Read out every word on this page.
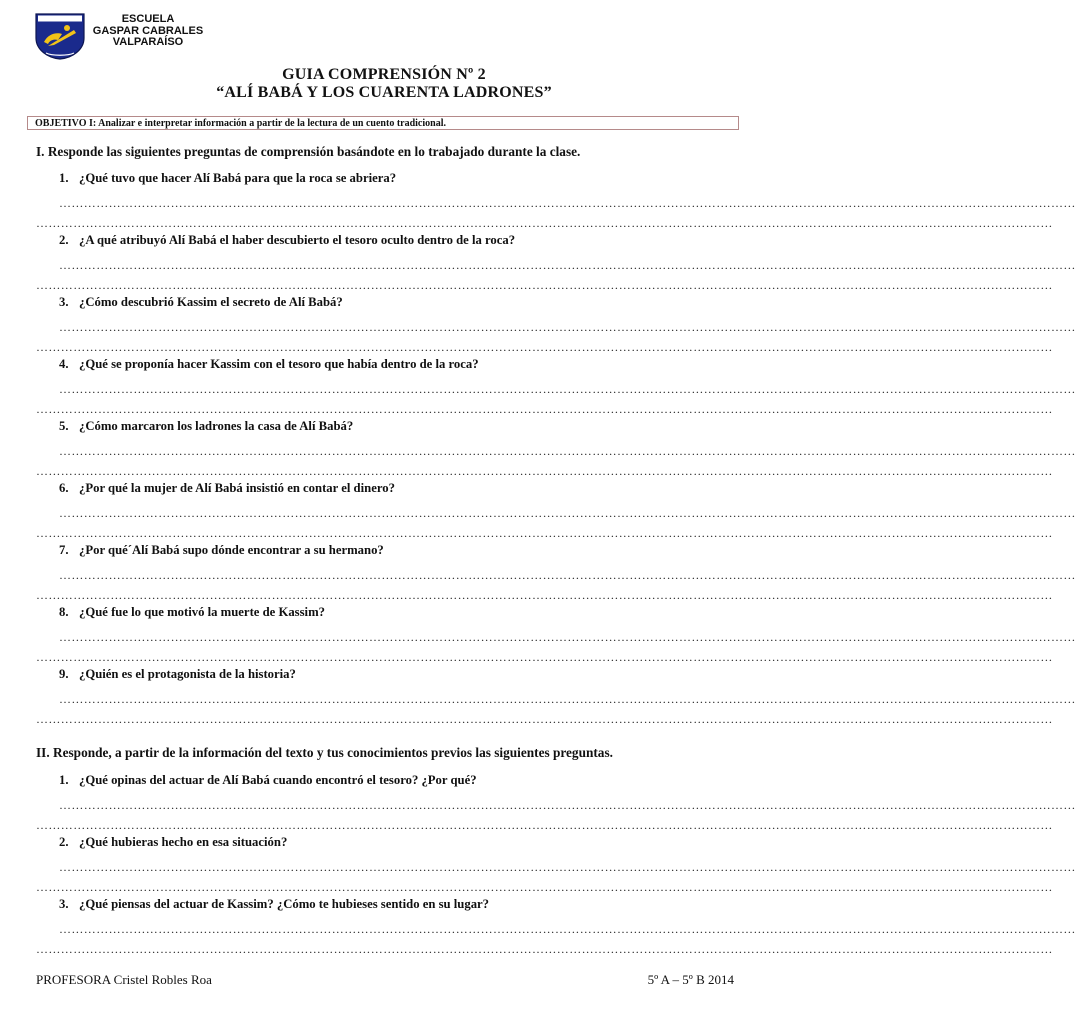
ESCUELA
GASPAR CABRALES
VALPARAÍSO
GUIA COMPRENSIÓN Nº 2
“ALÍ BABÁ Y LOS CUARENTA LADRONES”
OBJETIVO I: Analizar e interpretar información a partir de la lectura de un cuento tradicional.
I. Responde las siguientes preguntas de comprensión basándote en lo trabajado durante la clase.
1. ¿Qué tuvo que hacer Alí Babá para que la roca se abriera?
…………………………………………………………………………………………………………………………………………………………………………………………………………………………
…………………………………………………………………………………………………………………………………………………………………………………………………………………………
2. ¿A qué atribuyó Alí Babá el haber descubierto el tesoro oculto dentro de la roca?
…………………………………………………………………………………………………………………………………………………………………………………………………………………………
…………………………………………………………………………………………………………………………………………………………………………………………………………………………
3. ¿Cómo descubrió Kassim el secreto de Alí Babá?
…………………………………………………………………………………………………………………………………………………………………………………………………………………………
…………………………………………………………………………………………………………………………………………………………………………………………………………………………
4. ¿Qué se proponía hacer Kassim con el tesoro que había dentro de la roca?
…………………………………………………………………………………………………………………………………………………………………………………………………………………………
…………………………………………………………………………………………………………………………………………………………………………………………………………………………
5. ¿Cómo marcaron los ladrones la casa de Alí Babá?
…………………………………………………………………………………………………………………………………………………………………………………………………………………………
…………………………………………………………………………………………………………………………………………………………………………………………………………………………
6. ¿Por qué la mujer de Alí Babá insistió en contar el dinero?
…………………………………………………………………………………………………………………………………………………………………………………………………………………………
…………………………………………………………………………………………………………………………………………………………………………………………………………………………
7. ¿Por qué´Alí Babá supo dónde encontrar a su hermano?
…………………………………………………………………………………………………………………………………………………………………………………………………………………………
…………………………………………………………………………………………………………………………………………………………………………………………………………………………
8. ¿Qué fue lo que motivó la muerte de Kassim?
…………………………………………………………………………………………………………………………………………………………………………………………………………………………
…………………………………………………………………………………………………………………………………………………………………………………………………………………………
9. ¿Quién es el protagonista de la historia?
…………………………………………………………………………………………………………………………………………………………………………………………………………………………
…………………………………………………………………………………………………………………………………………………………………………………………………………………………
II. Responde, a partir de la información del texto y tus conocimientos previos las siguientes preguntas.
1. ¿Qué opinas del actuar de Alí Babá cuando encontró el tesoro? ¿Por qué?
…………………………………………………………………………………………………………………………………………………………………………………………………………………………
…………………………………………………………………………………………………………………………………………………………………………………………………………………………
2. ¿Qué hubieras hecho en esa situación?
…………………………………………………………………………………………………………………………………………………………………………………………………………………………
…………………………………………………………………………………………………………………………………………………………………………………………………………………………
3. ¿Qué piensas del actuar de Kassim? ¿Cómo te hubieses sentido en su lugar?
…………………………………………………………………………………………………………………………………………………………………………………………………………………………
…………………………………………………………………………………………………………………………………………………………………………………………………………………………
PROFESORA Cristel Robles Roa	5º A – 5º B 2014
